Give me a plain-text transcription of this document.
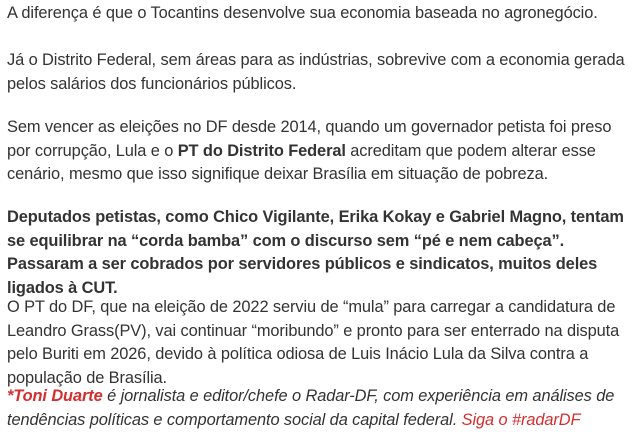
A diferença é que o Tocantins desenvolve sua economia baseada no agronegócio.

Já o Distrito Federal, sem áreas para as indústrias, sobrevive com a economia gerada pelos salários dos funcionários públicos.

Sem vencer as eleições no DF desde 2014, quando um governador petista foi preso por corrupção, Lula e o PT do Distrito Federal acreditam que podem alterar esse cenário, mesmo que isso signifique deixar Brasília em situação de pobreza.

Deputados petistas, como Chico Vigilante, Erika Kokay e Gabriel Magno, tentam se equilibrar na “corda bamba” com o discurso sem “pé e nem cabeça”. Passaram a ser cobrados por servidores públicos e sindicatos, muitos deles ligados à CUT.

O PT do DF, que na eleição de 2022 serviu de “mula” para carregar a candidatura de Leandro Grass(PV), vai continuar “moribundo” e pronto para ser enterrado na disputa pelo Buriti em 2026, devido à política odiosa de Luis Inácio Lula da Silva contra a população de Brasília.

*Toni Duarte é jornalista e editor/chefe o Radar-DF, com experiência em análises de tendências políticas e comportamento social da capital federal. Siga o #radarDF
